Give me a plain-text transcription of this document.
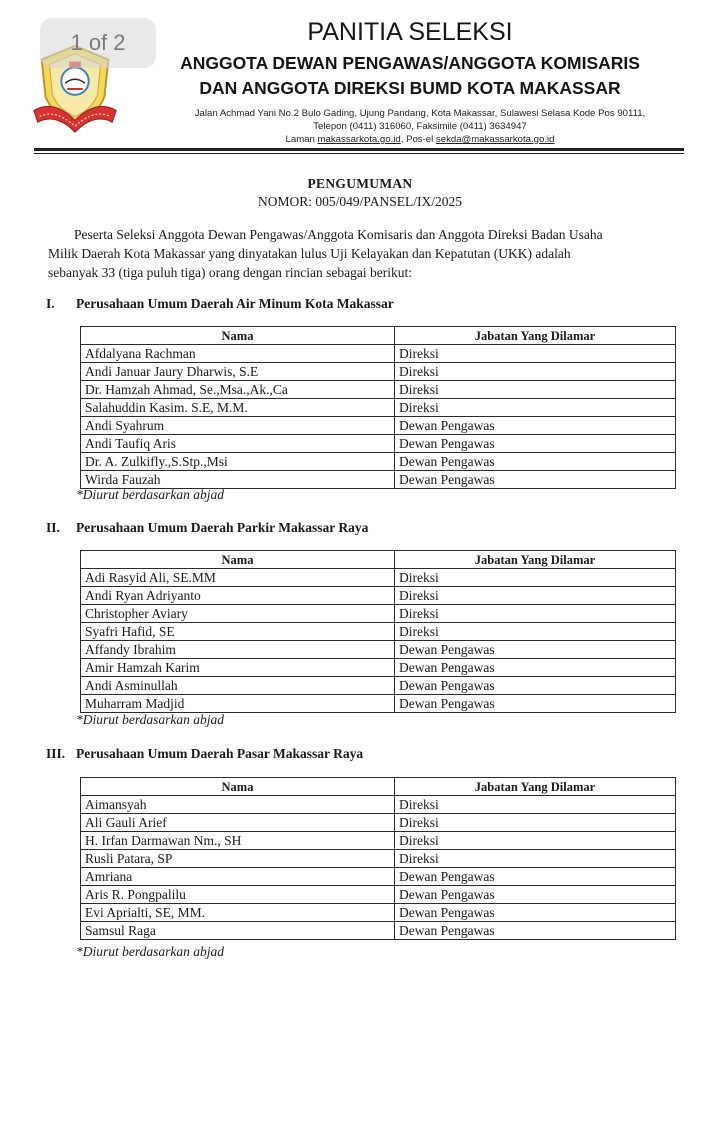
1 of 2	PANITIA SELEKSI
ANGGOTA DEWAN PENGAWAS/ANGGOTA KOMISARIS
DAN ANGGOTA DIREKSI BUMD KOTA MAKASSAR
Jalan Achmad Yani No.2 Bulo Gading, Ujung Pandang, Kota Makassar, Sulawesi Selasa Kode Pos 90111,
Telepon (0411) 316060, Faksimile (0411) 3634947
Laman makassarkota.go.id, Pos-el sekda@makassarkota.go.id
PENGUMUMAN
NOMOR: 005/049/PANSEL/IX/2025
Peserta Seleksi Anggota Dewan Pengawas/Anggota Komisaris dan Anggota Direksi Badan Usaha
Milik Daerah Kota Makassar yang dinyatakan lulus Uji Kelayakan dan Kepatutan (UKK) adalah
sebanyak 33 (tiga puluh tiga) orang dengan rincian sebagai berikut:
I. Perusahaan Umum Daerah Air Minum Kota Makassar
Nama	Jabatan Yang Dilamar
Afdalyana Rachman	Direksi
Andi Januar Jaury Dharwis, S.E	Direksi
Dr. Hamzah Ahmad, Se.,Msa.,Ak.,Ca	Direksi
Salahuddin Kasim. S.E, M.M.	Direksi
Andi Syahrum	Dewan Pengawas
Andi Taufiq Aris	Dewan Pengawas
Dr. A. Zulkifly.,S.Stp.,Msi	Dewan Pengawas
Wirda Fauzah	Dewan Pengawas
*Diurut berdasarkan abjad
II. Perusahaan Umum Daerah Parkir Makassar Raya
Nama	Jabatan Yang Dilamar
Adi Rasyid Ali, SE.MM	Direksi
Andi Ryan Adriyanto	Direksi
Christopher Aviary	Direksi
Syafri Hafid, SE	Direksi
Affandy Ibrahim	Dewan Pengawas
Amir Hamzah Karim	Dewan Pengawas
Andi Asminullah	Dewan Pengawas
Muharram Madjid	Dewan Pengawas
*Diurut berdasarkan abjad
III. Perusahaan Umum Daerah Pasar Makassar Raya
Nama	Jabatan Yang Dilamar
Aimansyah	Direksi
Ali Gauli Arief	Direksi
H. Irfan Darmawan Nm., SH	Direksi
Rusli Patara, SP	Direksi
Amriana	Dewan Pengawas
Aris R. Pongpalilu	Dewan Pengawas
Evi Aprialti, SE, MM.	Dewan Pengawas
Samsul Raga	Dewan Pengawas
*Diurut berdasarkan abjad
